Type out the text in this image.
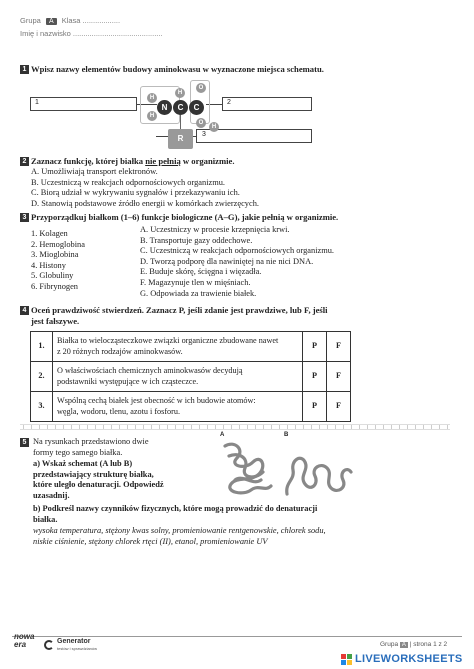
Grupa A Klasa ..................
Imię i nazwisko ...........................................
1 Wpisz nazwy elementów budowy aminokwasu w wyznaczone miejsca schematu.
1	2
3
H
H
N
H
C	C
O
O
H
R
2 Zaznacz funkcję, której białka nie pełnią w organizmie.
A. Umożliwiają transport elektronów.
B. Uczestniczą w reakcjach odpornościowych organizmu.
C. Biorą udział w wykrywaniu sygnałów i przekazywaniu ich.
D. Stanowią podstawowe źródło energii w komórkach zwierzęcych.
3 Przyporządkuj białkom (1–6) funkcje biologiczne (A–G), jakie pełnią w organizmie.
1. Kolagen
2. Hemoglobina
3. Mioglobina
4. Histony
5. Globuliny
6. Fibrynogen
A. Uczestniczy w procesie krzepnięcia krwi.
B. Transportuje gazy oddechowe.
C. Uczestniczą w reakcjach odpornościowych organizmu.
D. Tworzą podporę dla nawiniętej na nie nici DNA.
E. Buduje skórę, ścięgna i więzadła.
F. Magazynuje tlen w mięśniach.
G. Odpowiada za trawienie białek.
4 Oceń prawdziwość stwierdzeń. Zaznacz P, jeśli zdanie jest prawdziwe, lub F, jeśli
jest fałszywe.
1.	Białka to wielocząsteczkowe związki organiczne zbudowane nawet
z 20 różnych rodzajów aminokwasów.	P	F
2.	O właściwościach chemicznych aminokwasów decydują
podstawniki występujące w ich cząsteczce.	P	F
3.	Wspólną cechą białek jest obecność w ich budowie atomów:
węgla, wodoru, tlenu, azotu i fosforu.	P	F
5 Na rysunkach przedstawiono dwie
formy tego samego białka.
a) Wskaż schemat (A lub B)
przedstawiający strukturę białka,
które uległo denaturacji. Odpowiedź
uzasadnij.
A	B
b) Podkreśl nazwy czynników fizycznych, które mogą prowadzić do denaturacji
białka.
wysoka temperatura, stężony kwas solny, promieniowanie rentgenowskie, chlorek sodu,
niskie ciśnienie, stężony chlorek rtęci (II), etanol, promieniowanie UV
nowa era	Generator
testów i sprawdzianów
Grupa A | strona 1 z 2
LIVEWORKSHEETS
